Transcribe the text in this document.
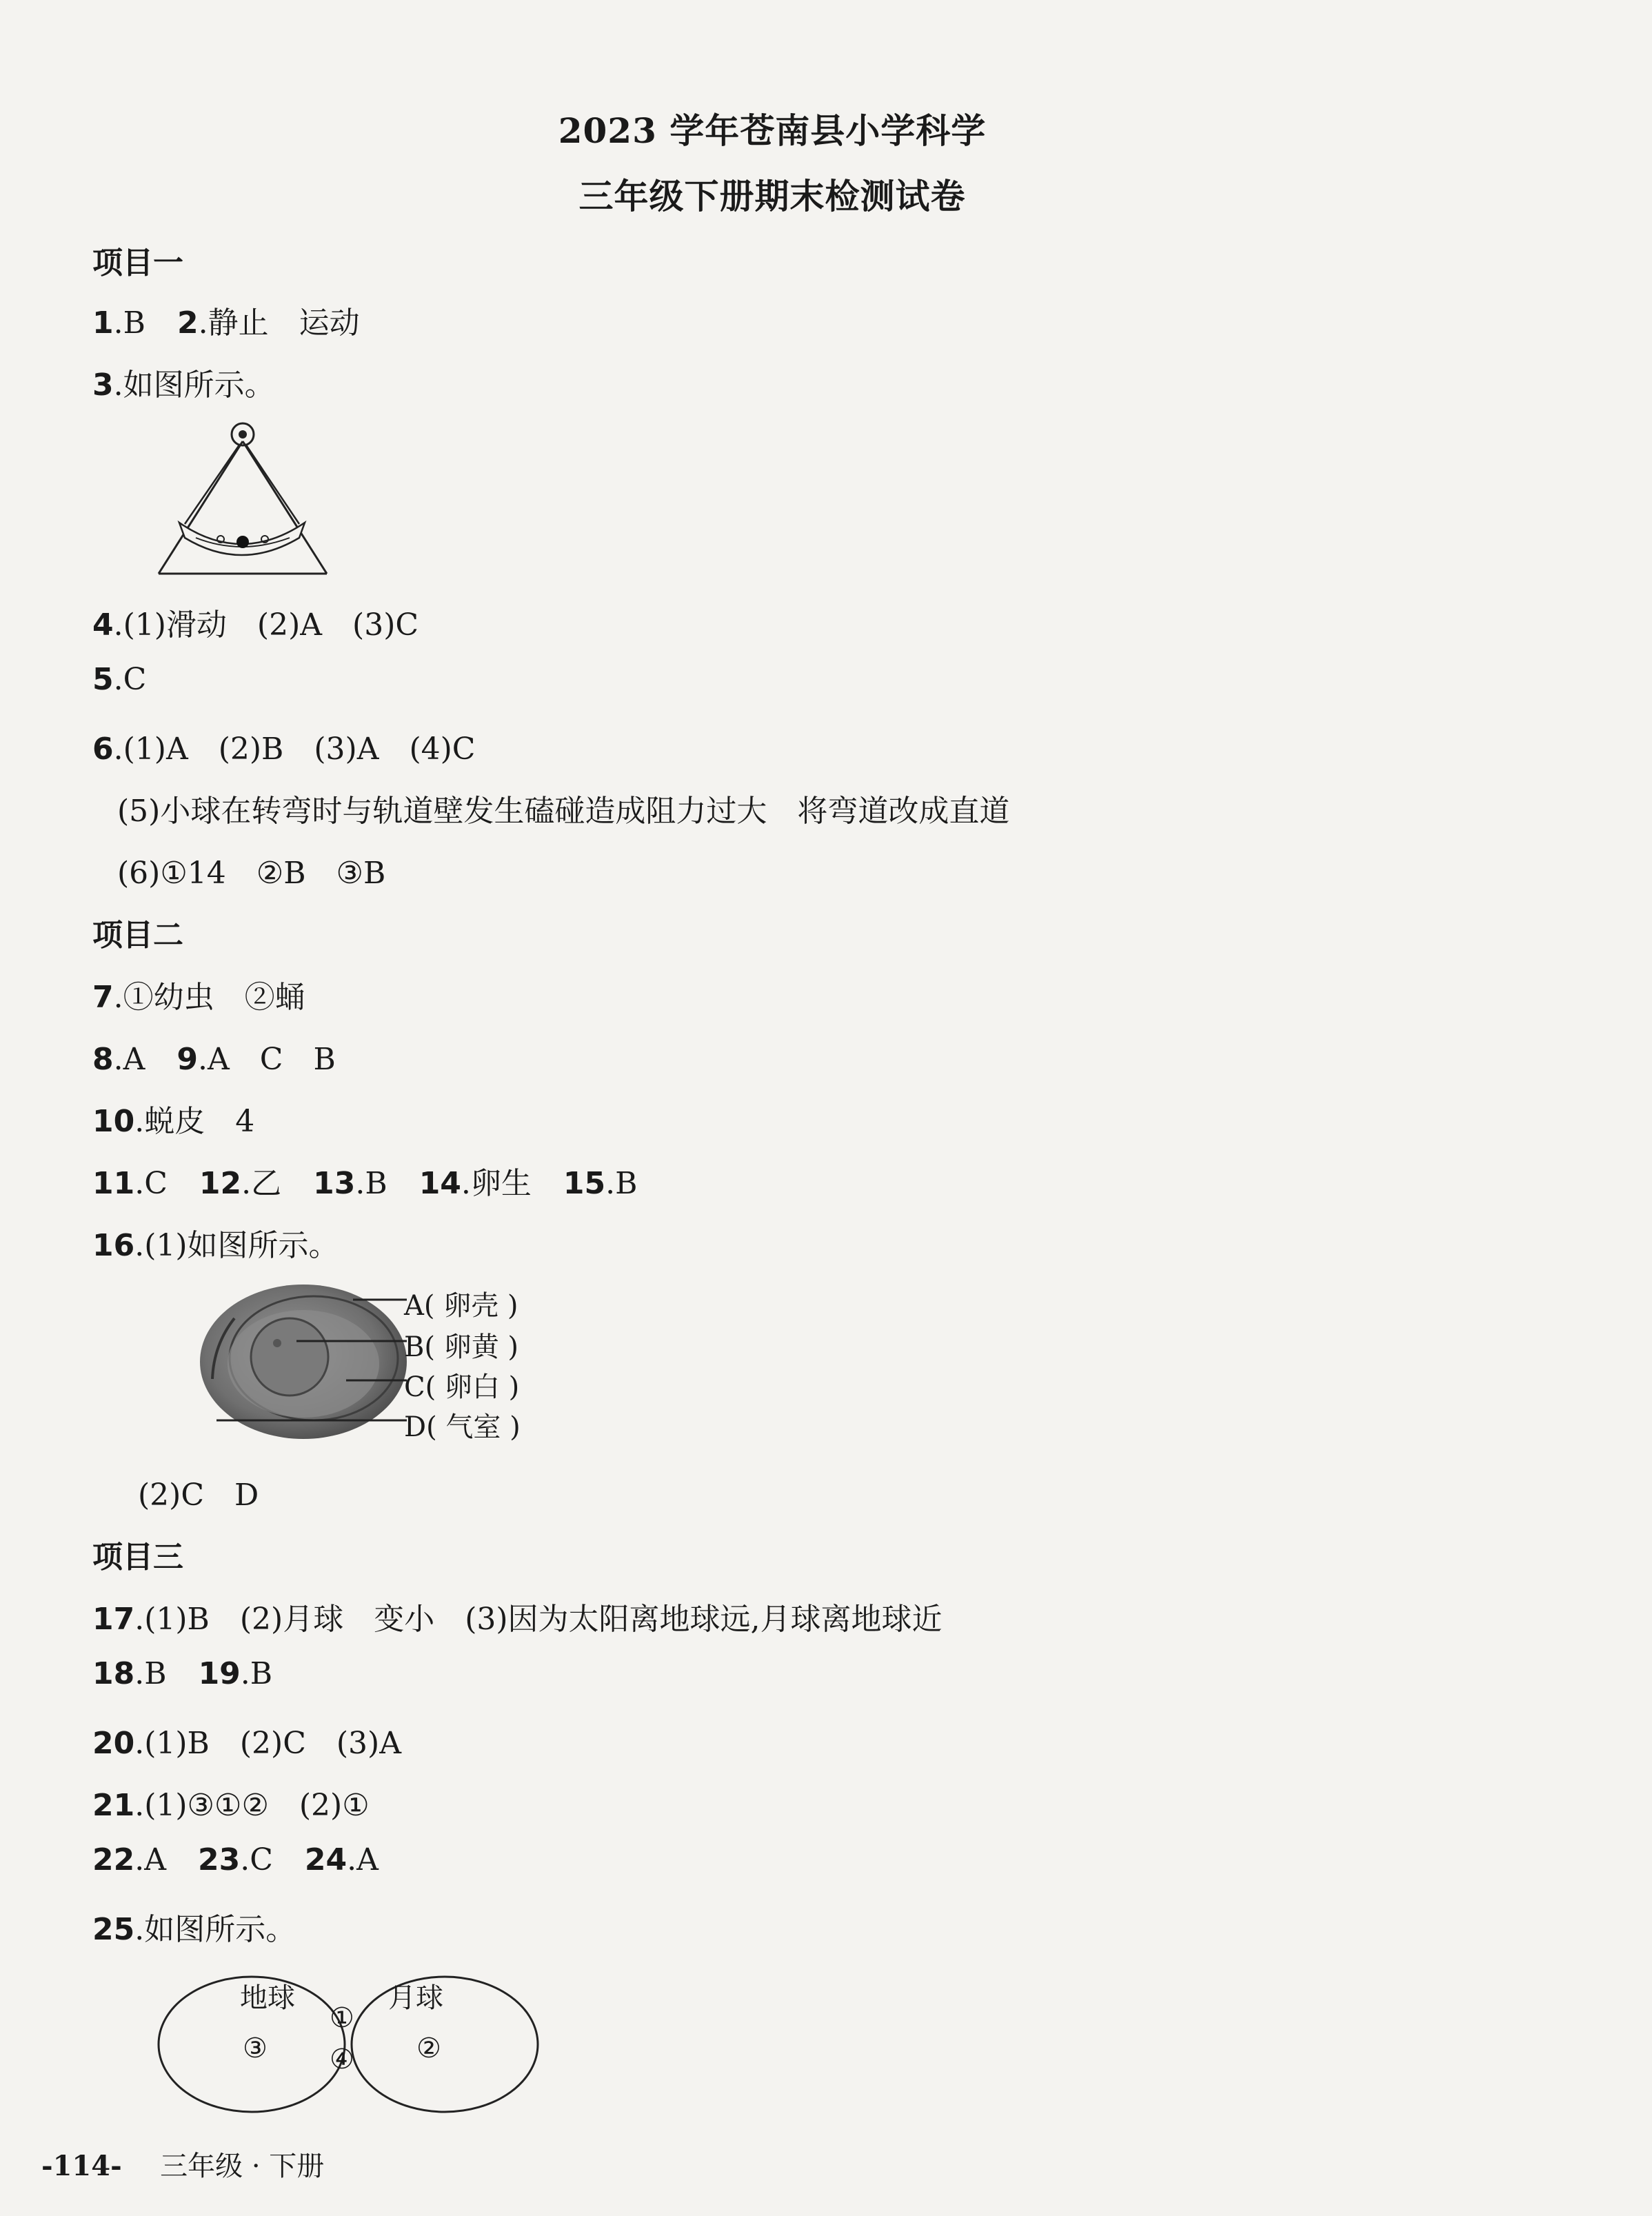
2023 学年苍南县小学科学
三年级下册期末检测试卷
项目一
1.B 2.静止　运动
3.如图所示。
4.(1)滑动　(2)A　(3)C
5.C
6.(1)A　(2)B　(3)A　(4)C
(5)小球在转弯时与轨道壁发生磕碰造成阻力过大　将弯道改成直道
(6)①14　②B　③B
项目二
7.①幼虫　②蛹
8.A 9.A　C　B
10.蜕皮　4
11.C 12.乙 13.B 14.卵生 15.B
16.(1)如图所示。
A( 卵壳 )
B( 卵黄 )
C( 卵白 )
D( 气室 )
(2)C　D
项目三
17.(1)B　(2)月球　变小　(3)因为太阳离地球远,月球离地球近
18.B 19.B
20.(1)B　(2)C　(3)A
21.(1)③①②　(2)①
22.A 23.C 24.A
25.如图所示。
地球	月球
③
①
④ ②
-114- 三年级 · 下册
